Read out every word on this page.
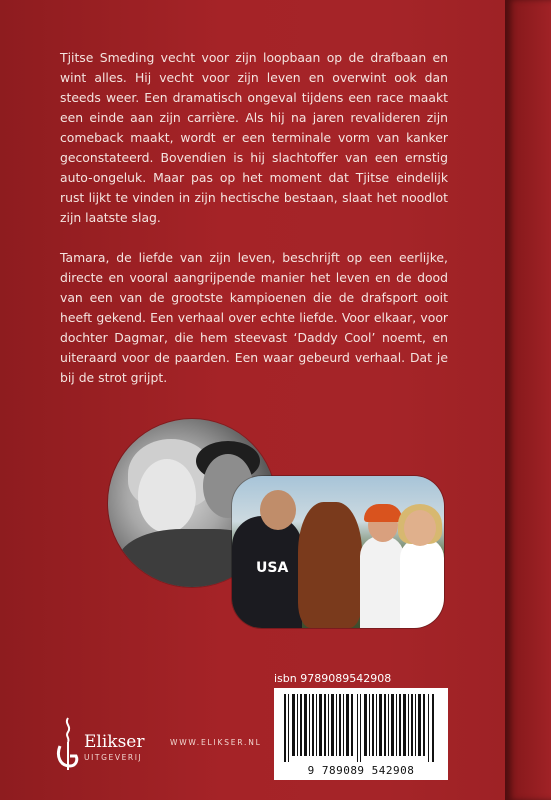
Tjitse Smeding vecht voor zijn loopbaan op de drafbaan en wint alles. Hij vecht voor zijn leven en overwint ook dan steeds weer. Een dramatisch ongeval tijdens een race maakt een einde aan zijn carrière. Als hij na jaren revalideren zijn comeback maakt, wordt er een terminale vorm van kanker geconstateerd. Bovendien is hij slachtoffer van een ernstig auto-ongeluk. Maar pas op het moment dat Tjitse eindelijk rust lijkt te vinden in zijn hectische bestaan, slaat het noodlot zijn laatste slag.

Tamara, de liefde van zijn leven, beschrijft op een eerlijke, directe en vooral aangrijpende manier het leven en de dood van een van de grootste kampioenen die de drafsport ooit heeft gekend. Een verhaal over echte liefde. Voor elkaar, voor dochter Dagmar, die hem steevast ‘Daddy Cool’ noemt, en uiteraard voor de paarden. Een waar gebeurd verhaal. Dat je bij de strot grijpt.

USA
isbn 9789089542908
9 789089 542908
Elikser
UITGEVERIJ
WWW.ELIKSER.NL
